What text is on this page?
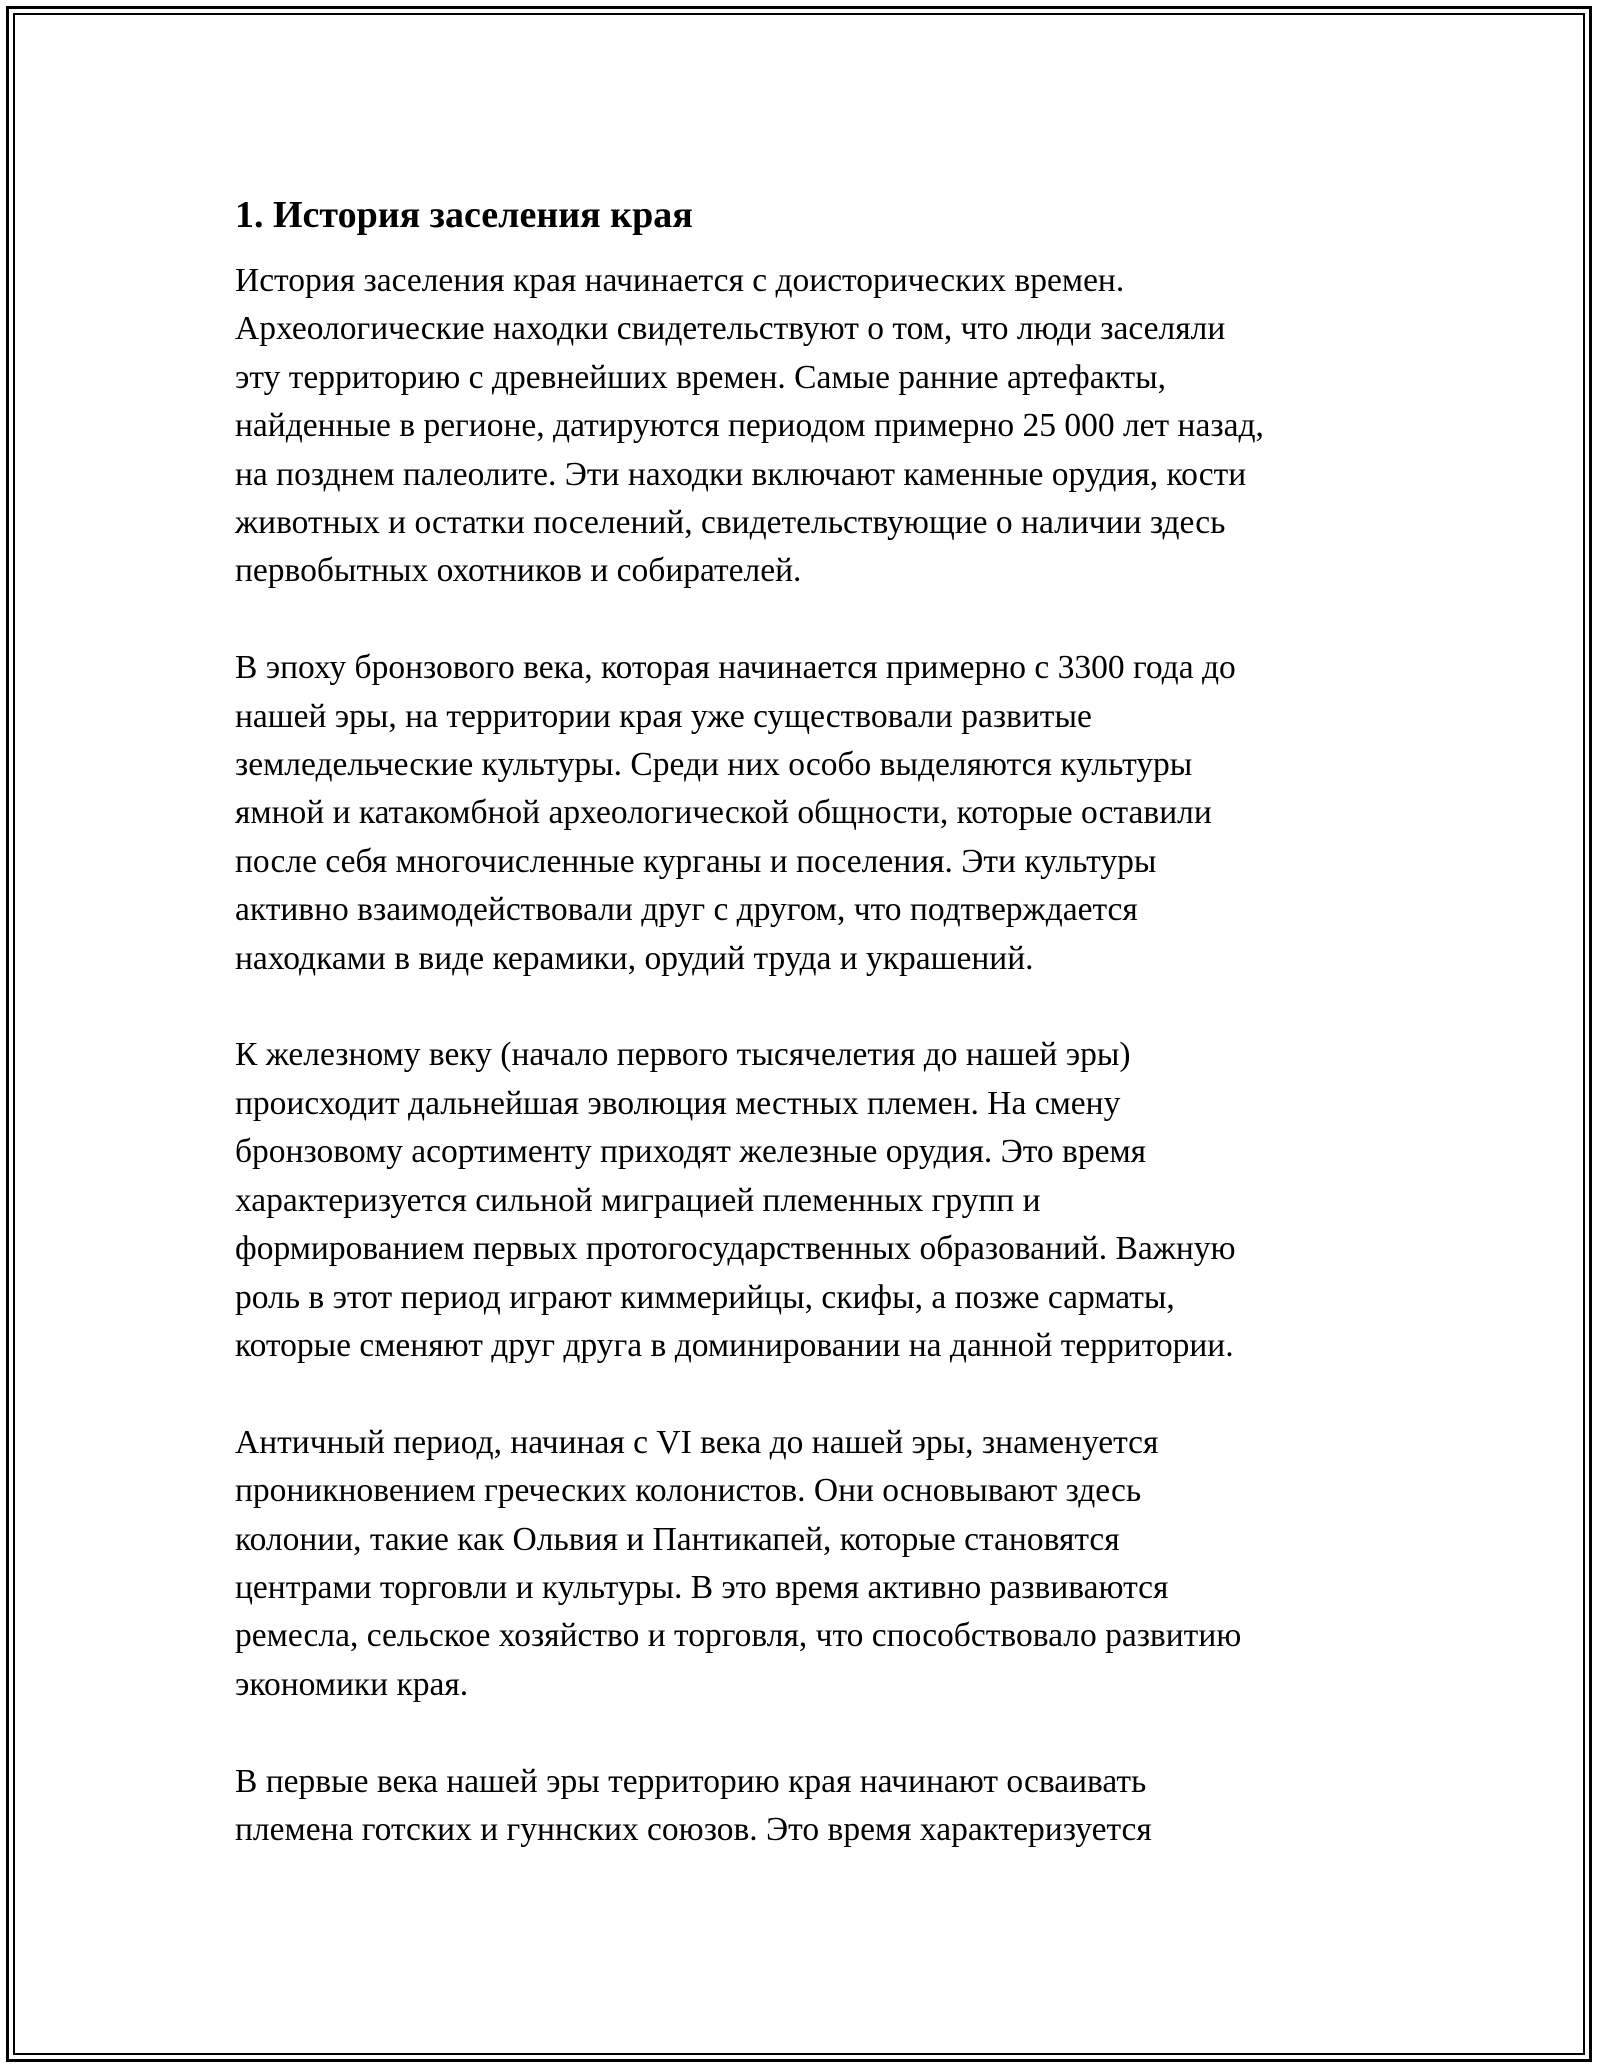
1. История заселения края

История заселения края начинается с доисторических времен.
Археологические находки свидетельствуют о том, что люди заселяли
эту территорию с древнейших времен. Самые ранние артефакты,
найденные в регионе, датируются периодом примерно 25 000 лет назад,
на позднем палеолите. Эти находки включают каменные орудия, кости
животных и остатки поселений, свидетельствующие о наличии здесь
первобытных охотников и собирателей.

В эпоху бронзового века, которая начинается примерно с 3300 года до
нашей эры, на территории края уже существовали развитые
земледельческие культуры. Среди них особо выделяются культуры
ямной и катакомбной археологической общности, которые оставили
после себя многочисленные курганы и поселения. Эти культуры
активно взаимодействовали друг с другом, что подтверждается
находками в виде керамики, орудий труда и украшений.

К железному веку (начало первого тысячелетия до нашей эры)
происходит дальнейшая эволюция местных племен. На смену
бронзовому асортименту приходят железные орудия. Это время
характеризуется сильной миграцией племенных групп и
формированием первых протогосударственных образований. Важную
роль в этот период играют киммерийцы, скифы, а позже сарматы,
которые сменяют друг друга в доминировании на данной территории.

Античный период, начиная с VI века до нашей эры, знаменуется
проникновением греческих колонистов. Они основывают здесь
колонии, такие как Ольвия и Пантикапей, которые становятся
центрами торговли и культуры. В это время активно развиваются
ремесла, сельское хозяйство и торговля, что способствовало развитию
экономики края.

В первые века нашей эры территорию края начинают осваивать
племена готских и гуннских союзов. Это время характеризуется
